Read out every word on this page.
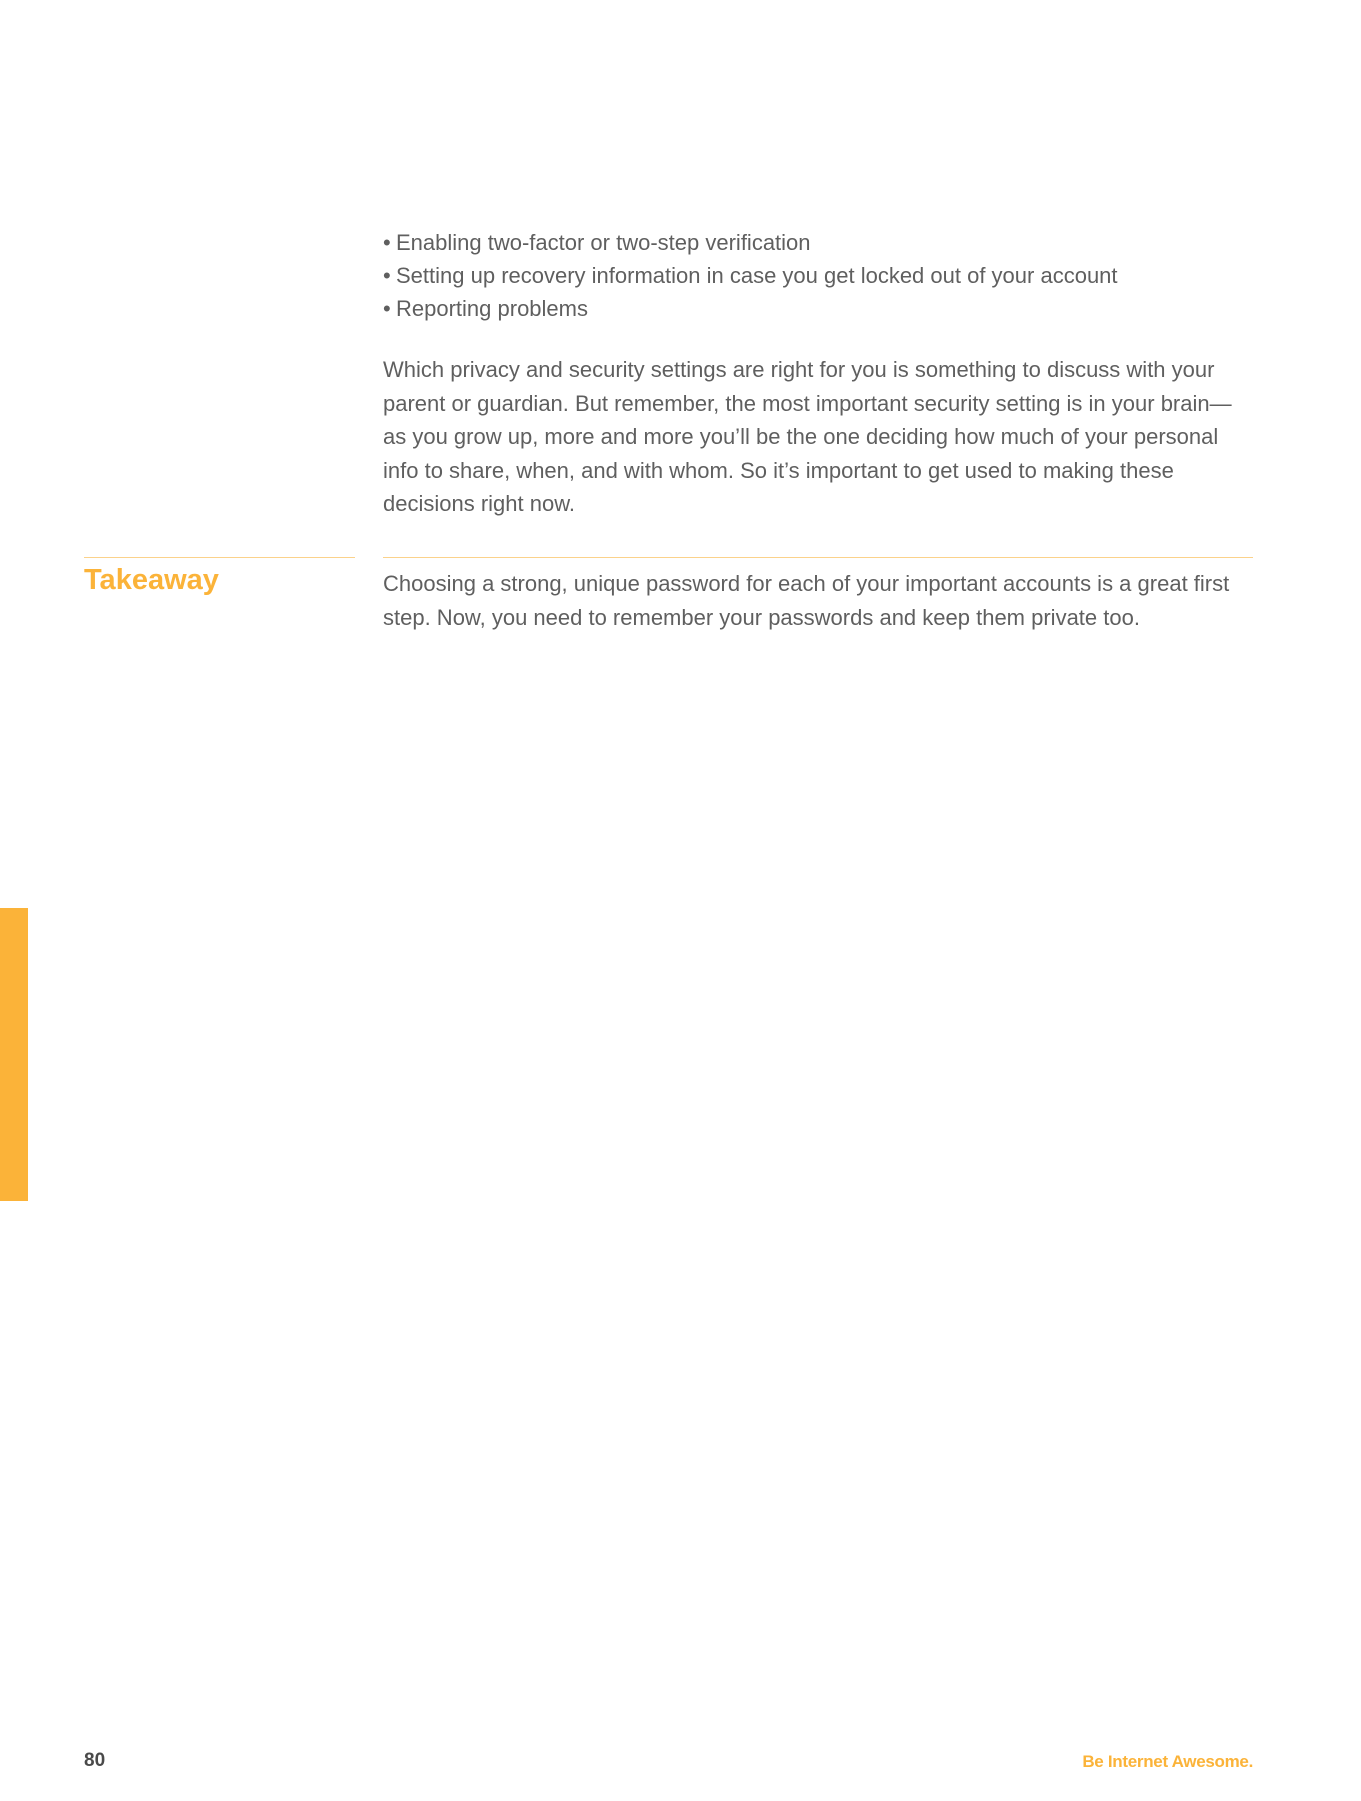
• Enabling two-factor or two-step verification
• Setting up recovery information in case you get locked out of your account
• Reporting problems

Which privacy and security settings are right for you is something to discuss with your parent or guardian. But remember, the most important security setting is in your brain—as you grow up, more and more you’ll be the one deciding how much of your personal info to share, when, and with whom. So it’s important to get used to making these decisions right now.

Takeaway	Choosing a strong, unique password for each of your important accounts is a great first step. Now, you need to remember your passwords and keep them private too.

80	Be Internet Awesome.
